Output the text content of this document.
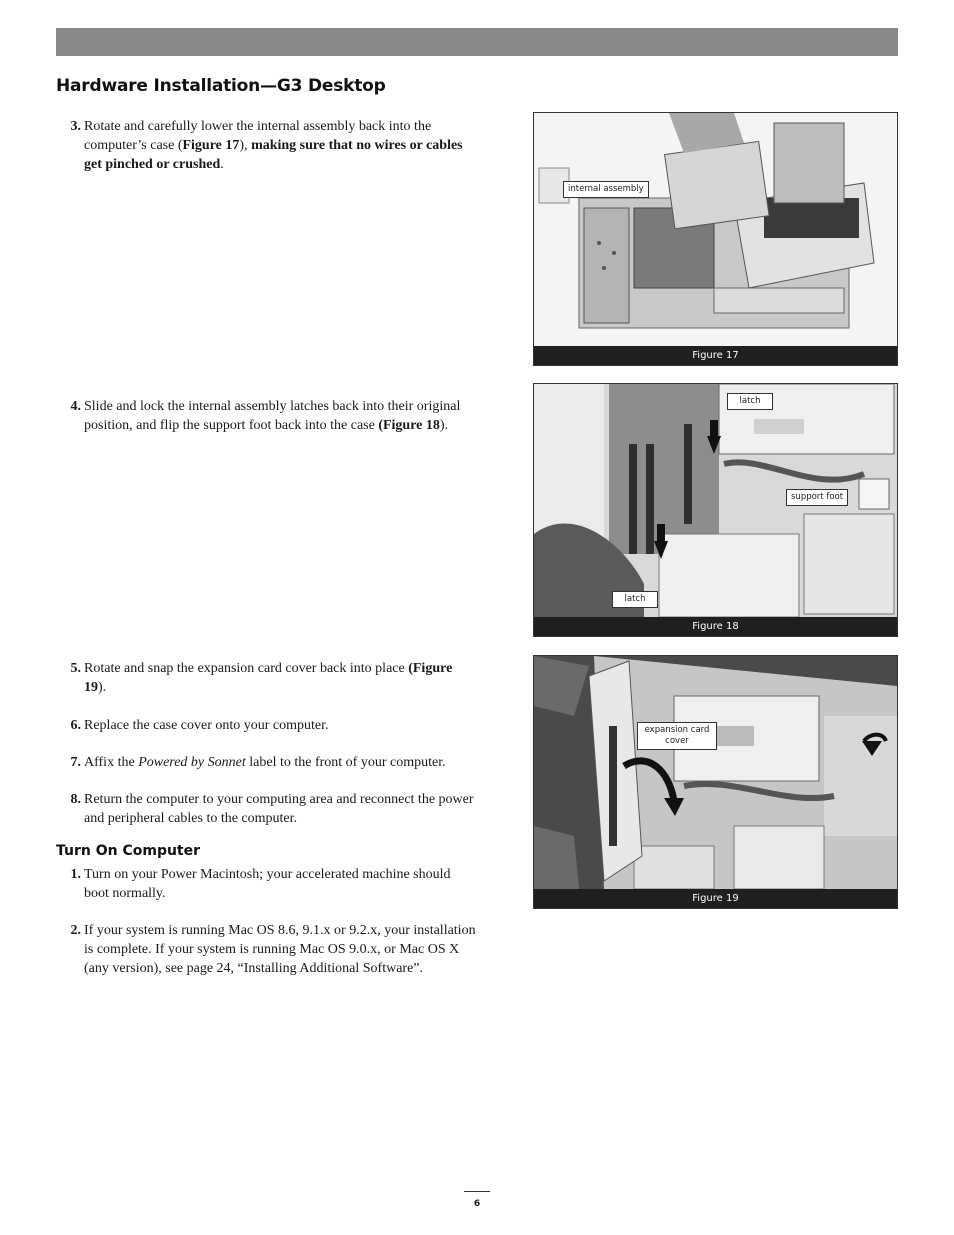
Hardware Installation—G3 Desktop
3. Rotate and carefully lower the internal assembly back into the computer’s case (Figure 17), making sure that no wires or cables get pinched or crushed.
4. Slide and lock the internal assembly latches back into their original position, and flip the support foot back into the case (Figure 18).
5. Rotate and snap the expansion card cover back into place (Figure 19).
6. Replace the case cover onto your computer.
7. Affix the Powered by Sonnet label to the front of your computer.
8. Return the computer to your computing area and reconnect the power and peripheral cables to the computer.
Turn On Computer
1. Turn on your Power Macintosh; your accelerated machine should boot normally.
2. If your system is running Mac OS 8.6, 9.1.x or 9.2.x, your installation is complete. If your system is running Mac OS 9.0.x, or Mac OS X (any version), see page 24, “Installing Additional Software”.
internal assembly
Figure 17
latch
support foot
latch
Figure 18
expansion card cover
Figure 19
6
